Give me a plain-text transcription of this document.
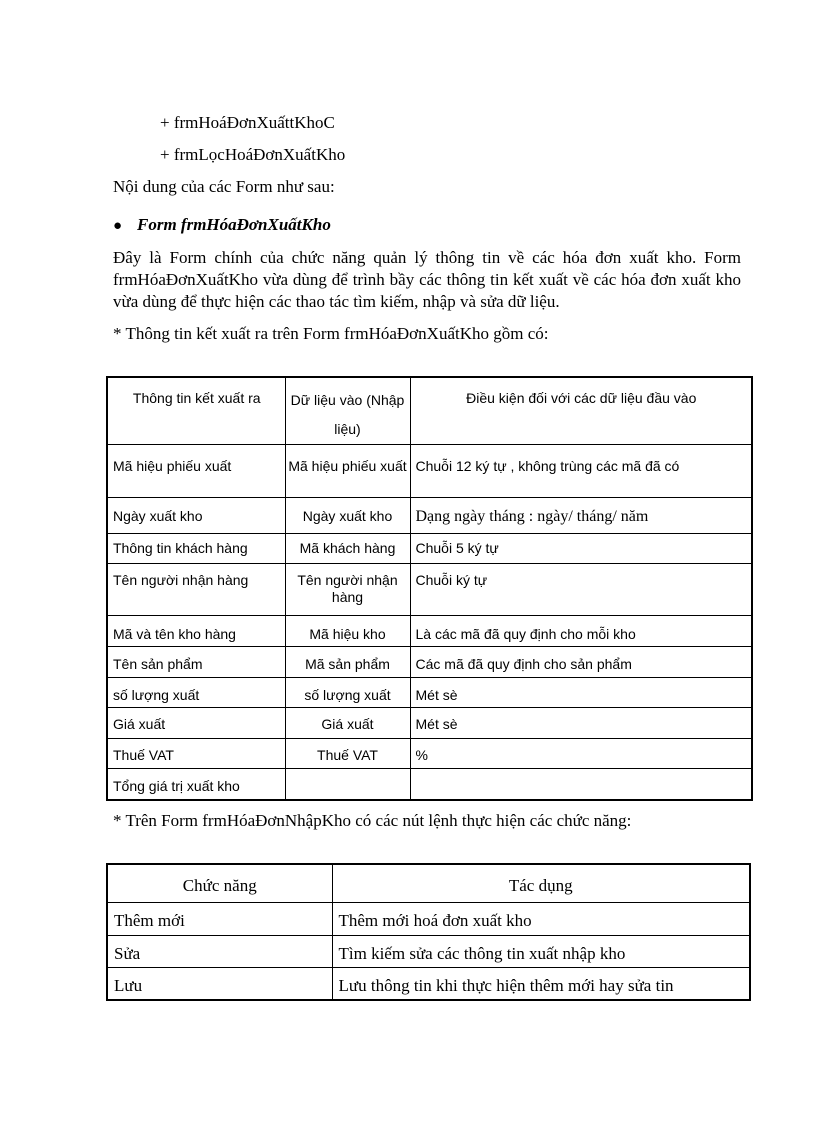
+ frmHoáĐơnXuấttKhoC
+ frmLọcHoáĐơnXuấtKho
Nội dung của các Form như sau:
● Form frmHóaĐơnXuấtKho
Đây là Form chính của chức năng quản lý thông tin về các hóa đơn xuất kho. Form frmHóaĐơnXuấtKho vừa dùng để trình bầy các thông tin kết xuất về các hóa đơn xuất kho vừa dùng để thực hiện các thao tác tìm kiếm, nhập và sửa dữ liệu.
* Thông tin kết xuất ra trên Form frmHóaĐơnXuấtKho gồm có:
Thông tin kết xuất ra	Dữ liệu vào (Nhập liệu)	Điều kiện đối với các dữ liệu đầu vào
Mã hiệu phiếu xuất	Mã hiệu phiếu xuất	Chuỗi 12 ký tự , không trùng các mã đã có
Ngày xuất kho	Ngày xuất kho	Dạng ngày tháng : ngày/ tháng/ năm
Thông tin khách hàng	Mã khách hàng	Chuỗi 5 ký tự
Tên người nhận hàng	Tên người nhận hàng	Chuỗi ký tự
Mã và tên kho hàng	Mã hiệu kho	Là các mã đã quy định cho mỗi kho
Tên sản phẩm	Mã sản phẩm	Các mã đã quy định cho sản phẩm
số lượng xuất	số lượng xuất	Mét sè
Giá xuất	Giá xuất	Mét sè
Thuế VAT	Thuế VAT	%
Tổng giá trị xuất kho		
* Trên Form frmHóaĐơnNhậpKho có các nút lệnh thực hiện các chức năng:
Chức năng	Tác dụng
Thêm mới	Thêm mới hoá đơn xuất kho
Sửa	Tìm kiếm sửa các thông tin xuất nhập kho
Lưu	Lưu thông tin khi thực hiện thêm mới hay sửa tin
